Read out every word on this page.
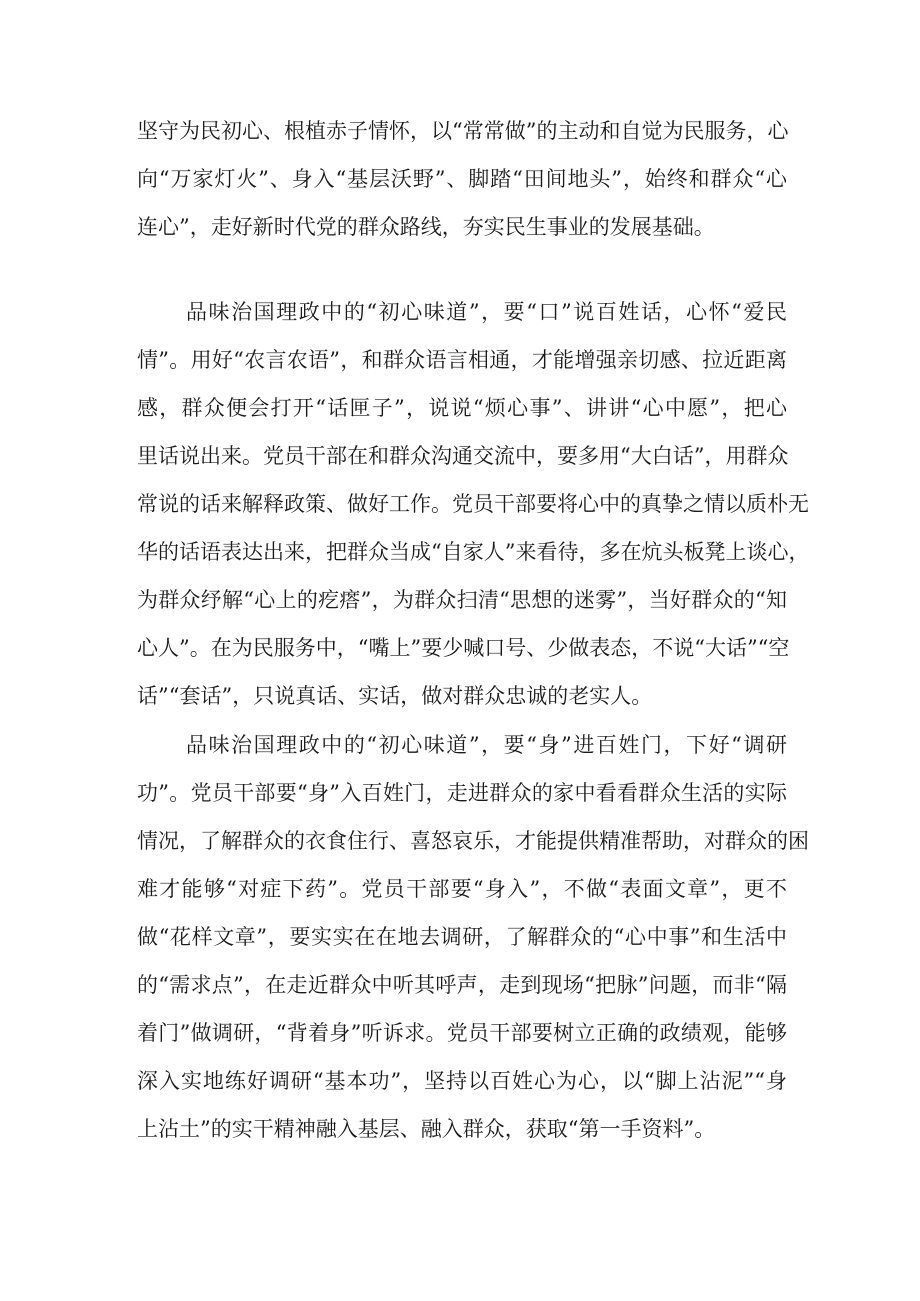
坚守为民初心、根植赤子情怀，以“常常做”的主动和自觉为民服务，心
向“万家灯火”、身入“基层沃野”、脚踏“田间地头”，始终和群众“心
连心”，走好新时代党的群众路线，夯实民生事业的发展基础。
品味治国理政中的“初心味道”，要“口”说百姓话，心怀“爱民
情”。用好“农言农语”，和群众语言相通，才能增强亲切感、拉近距离
感，群众便会打开“话匣子”，说说“烦心事”、讲讲“心中愿”，把心
里话说出来。党员干部在和群众沟通交流中，要多用“大白话”，用群众
常说的话来解释政策、做好工作。党员干部要将心中的真挚之情以质朴无
华的话语表达出来，把群众当成“自家人”来看待，多在炕头板凳上谈心，
为群众纾解“心上的疙瘩”，为群众扫清“思想的迷雾”，当好群众的“知
心人”。在为民服务中，“嘴上”要少喊口号、少做表态，不说“大话”“空
话”“套话”，只说真话、实话，做对群众忠诚的老实人。
品味治国理政中的“初心味道”，要“身”进百姓门，下好“调研
功”。党员干部要“身”入百姓门，走进群众的家中看看群众生活的实际
情况，了解群众的衣食住行、喜怒哀乐，才能提供精准帮助，对群众的困
难才能够“对症下药”。党员干部要“身入”，不做“表面文章”，更不
做“花样文章”，要实实在在地去调研，了解群众的“心中事”和生活中
的“需求点”，在走近群众中听其呼声，走到现场“把脉”问题，而非“隔
着门”做调研，“背着身”听诉求。党员干部要树立正确的政绩观，能够
深入实地练好调研“基本功”，坚持以百姓心为心，以“脚上沾泥”“身
上沾土”的实干精神融入基层、融入群众，获取“第一手资料”。
